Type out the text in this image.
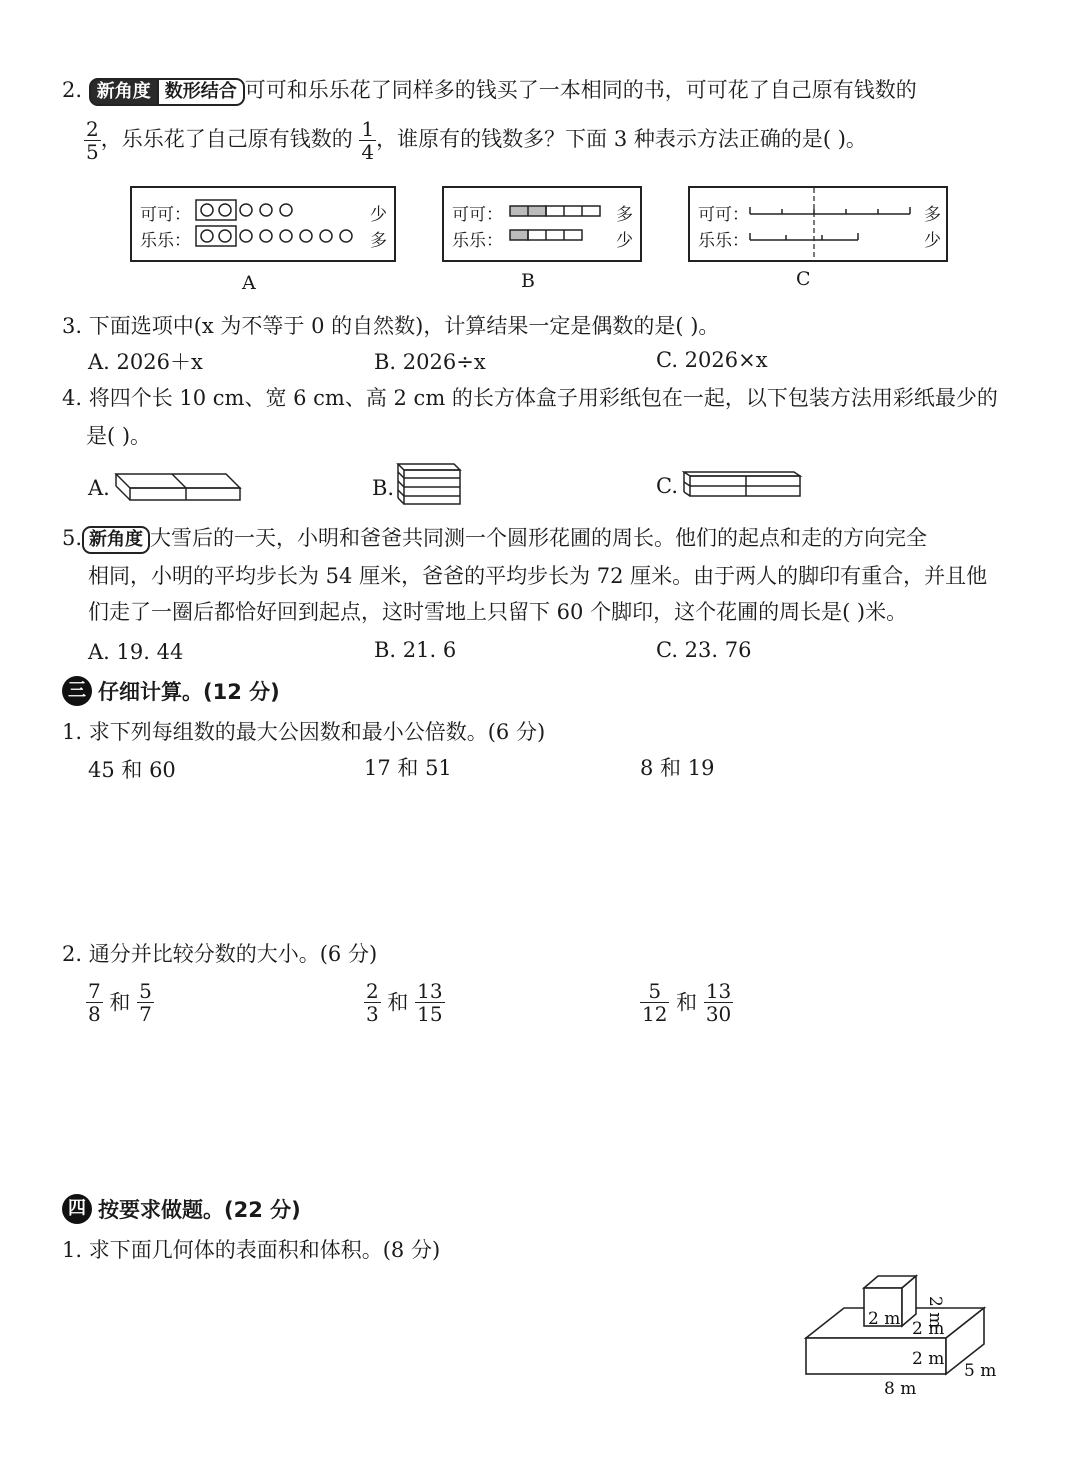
2. 新角度 数形结合 可可和乐乐花了同样多的钱买了一本相同的书，可可花了自己原有钱数的
$\frac{2}{5}$ ，乐乐花了自己原有钱数的 $\frac{1}{4}$ ，谁原有的钱数多？下面 3 种表示方法正确的是( )。
可可：
乐乐：
少
多
A
可可：
乐乐：
多
少
B
可可：
乐乐：
多
少
C
3. 下面选项中(x 为不等于 0 的自然数)，计算结果一定是偶数的是( )。
A. 2026＋x	B. 2026÷x	C. 2026×x
4. 将四个长 10 cm、宽 6 cm、高 2 cm 的长方体盒子用彩纸包在一起，以下包装方法用彩纸最少的
是( )。
A.	B.	C.
5. 新角度 大雪后的一天，小明和爸爸共同测一个圆形花圃的周长。他们的起点和走的方向完全
相同，小明的平均步长为 54 厘米，爸爸的平均步长为 72 厘米。由于两人的脚印有重合，并且他
们走了一圈后都恰好回到起点，这时雪地上只留下 60 个脚印，这个花圃的周长是( )米。
A. 19. 44	B. 21. 6	C. 23. 76
三 仔细计算。(12 分)
1. 求下列每组数的最大公因数和最小公倍数。(6 分)
45 和 60	17 和 51	8 和 19
2. 通分并比较分数的大小。(6 分)
$\frac{7}{8}$ 和 $\frac{5}{7}$	$\frac{2}{3}$ 和 $\frac{13}{15}$	$\frac{5}{12}$ 和 $\frac{13}{30}$
四 按要求做题。(22 分)
1. 求下面几何体的表面积和体积。(8 分)
2 m 2 m
2 m
2 m
5 m
8 m
